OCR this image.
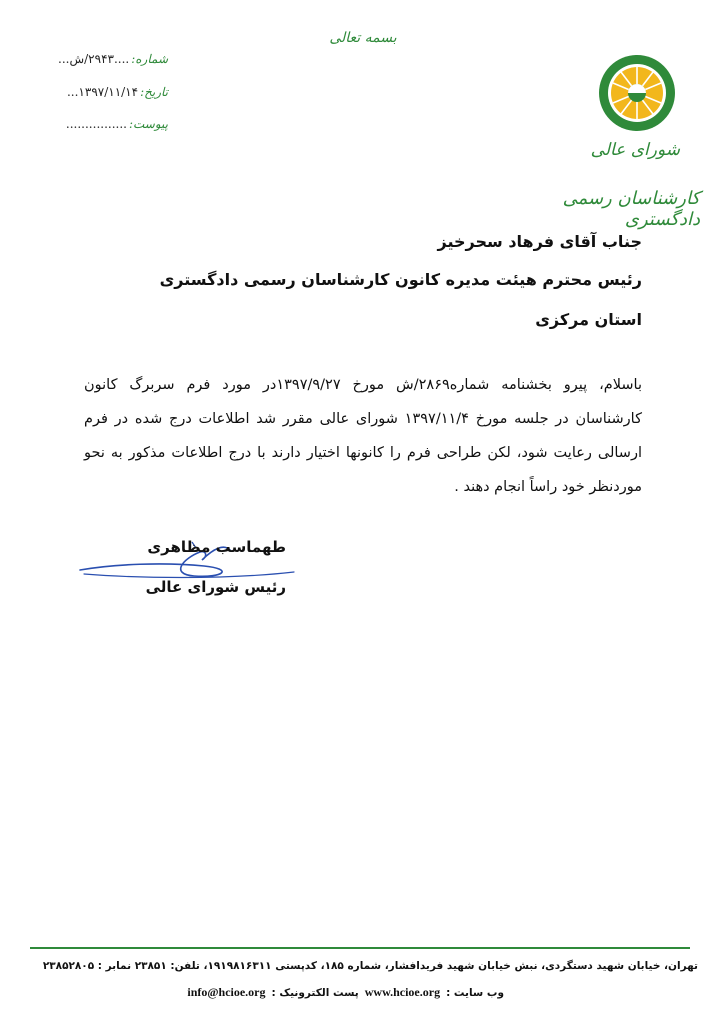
بسمه تعالی
شماره:....۲۹۴۳/ش...
تاریخ:۱۳۹۷/۱۱/۱۴...
پیوست:................
شورای عالی
کارشناسان رسمی دادگستری
جناب آقای فرهاد سحرخیز
رئیس محترم هیئت مدیره کانون کارشناسان رسمی دادگستری
استان مرکزی
باسلام، پیرو بخشنامه شماره۲۸۶۹/ش مورخ ۱۳۹۷/۹/۲۷در مورد فرم سربرگ کانون کارشناسان در جلسه مورخ ۱۳۹۷/۱۱/۴ شورای عالی مقرر شد اطلاعات درج شده در فرم ارسالی رعایت شود، لکن طراحی فرم را کانونها اختیار دارند با درج اطلاعات مذکور به نحو موردنظر خود راساً انجام دهند .
طهماسب مظاهری
رئیس شورای عالی
تهران، خیابان شهید دستگردی، نبش خیابان شهید فریدافشار، شماره ۱۸۵، کدپستی ۱۹۱۹۸۱۶۳۱۱، تلفن: ۲۳۸۵۱ نمابر : ۲۳۸۵۲۸۰۵
وب سایت :www.hcioe.orgپست الکترونیک :info@hcioe.org
